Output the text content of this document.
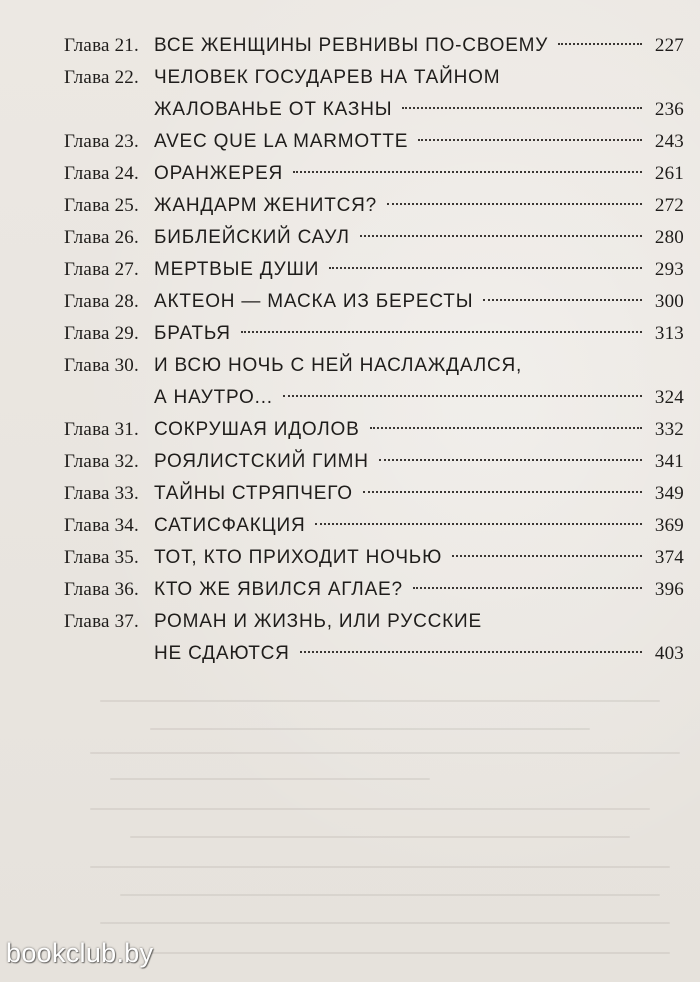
Глава 21. ВСЕ ЖЕНЩИНЫ РЕВНИВЫ ПО-СВОЕМУ	227
Глава 22. ЧЕЛОВЕК ГОСУДАРЕВ НА ТАЙНОМ
ЖАЛОВАНЬЕ ОТ КАЗНЫ	236
Глава 23. AVEC QUE LA MARMOTTE	243
Глава 24. ОРАНЖЕРЕЯ	261
Глава 25. ЖАНДАРМ ЖЕНИТСЯ?	272
Глава 26. БИБЛЕЙСКИЙ САУЛ	280
Глава 27. МЕРТВЫЕ ДУШИ	293
Глава 28. АКТЕОН — МАСКА ИЗ БЕРЕСТЫ	300
Глава 29. БРАТЬЯ	313
Глава 30. И ВСЮ НОЧЬ С НЕЙ НАСЛАЖДАЛСЯ,
А НАУТРО...	324
Глава 31. СОКРУШАЯ ИДОЛОВ	332
Глава 32. РОЯЛИСТСКИЙ ГИМН	341
Глава 33. ТАЙНЫ СТРЯПЧЕГО	349
Глава 34. САТИСФАКЦИЯ	369
Глава 35. ТОТ, КТО ПРИХОДИТ НОЧЬЮ	374
Глава 36. КТО ЖЕ ЯВИЛСЯ АГЛАЕ?	396
Глава 37. РОМАН И ЖИЗНЬ, ИЛИ РУССКИЕ
НЕ СДАЮТСЯ	403
bookclub.by
